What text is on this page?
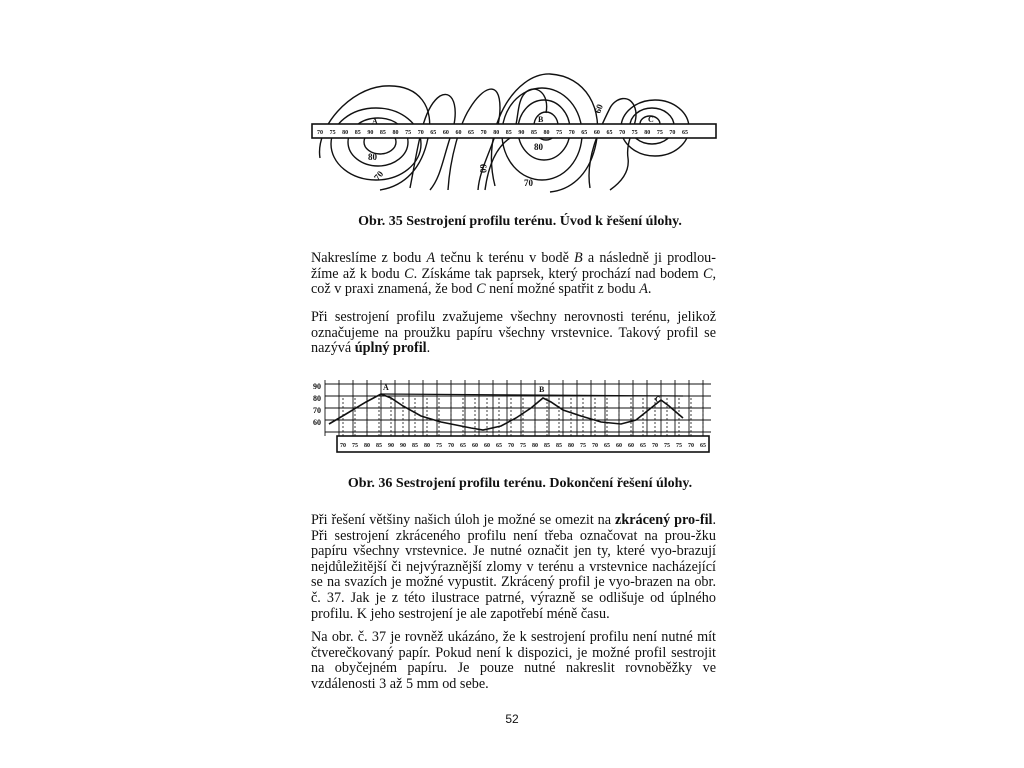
70 75 80 85 90 85 80 75 70 65 60 60 65 70 80 85 90 85 80 75 70 65 60 65 70 75 80 75 70 65
80
70
60
80
70
60
A	B	C
Obr. 35 Sestrojení profilu terénu. Úvod k řešení úlohy.

Nakreslíme z bodu A tečnu k terénu v bodě B a následně ji prodlou-žíme až k bodu C. Získáme tak paprsek, který prochází nad bodem C, což v praxi znamená, že bod C není možné spatřit z bodu A.

Při sestrojení profilu zvažujeme všechny nerovnosti terénu, jelikož označujeme na proužku papíru všechny vrstevnice. Takový profil se nazývá úplný profil.

90
80
70
60
A	B
C
70 75 80 85 90 90 85 80 75 70 65 60 60 65 70 75 80 85 85 80 75 70 65 60 60 65 70 75 75 70 65
Obr. 36 Sestrojení profilu terénu. Dokončení řešení úlohy.

Při řešení většiny našich úloh je možné se omezit na zkrácený pro-fil. Při sestrojení zkráceného profilu není třeba označovat na prou-žku papíru všechny vrstevnice. Je nutné označit jen ty, které vyo-brazují nejdůležitější či nejvýraznější zlomy v terénu a vrstevnice nacházející se na svazích je možné vypustit. Zkrácený profil je vyo-brazen na obr. č. 37. Jak je z této ilustrace patrné, výrazně se odlišuje od úplného profilu. K jeho sestrojení je ale zapotřebí méně času.

Na obr. č. 37 je rovněž ukázáno, že k sestrojení profilu není nutné mít čtverečkovaný papír. Pokud není k dispozici, je možné profil sestrojit na obyčejném papíru. Je pouze nutné nakreslit rovnoběžky ve vzdálenosti 3 až 5 mm od sebe.

52
